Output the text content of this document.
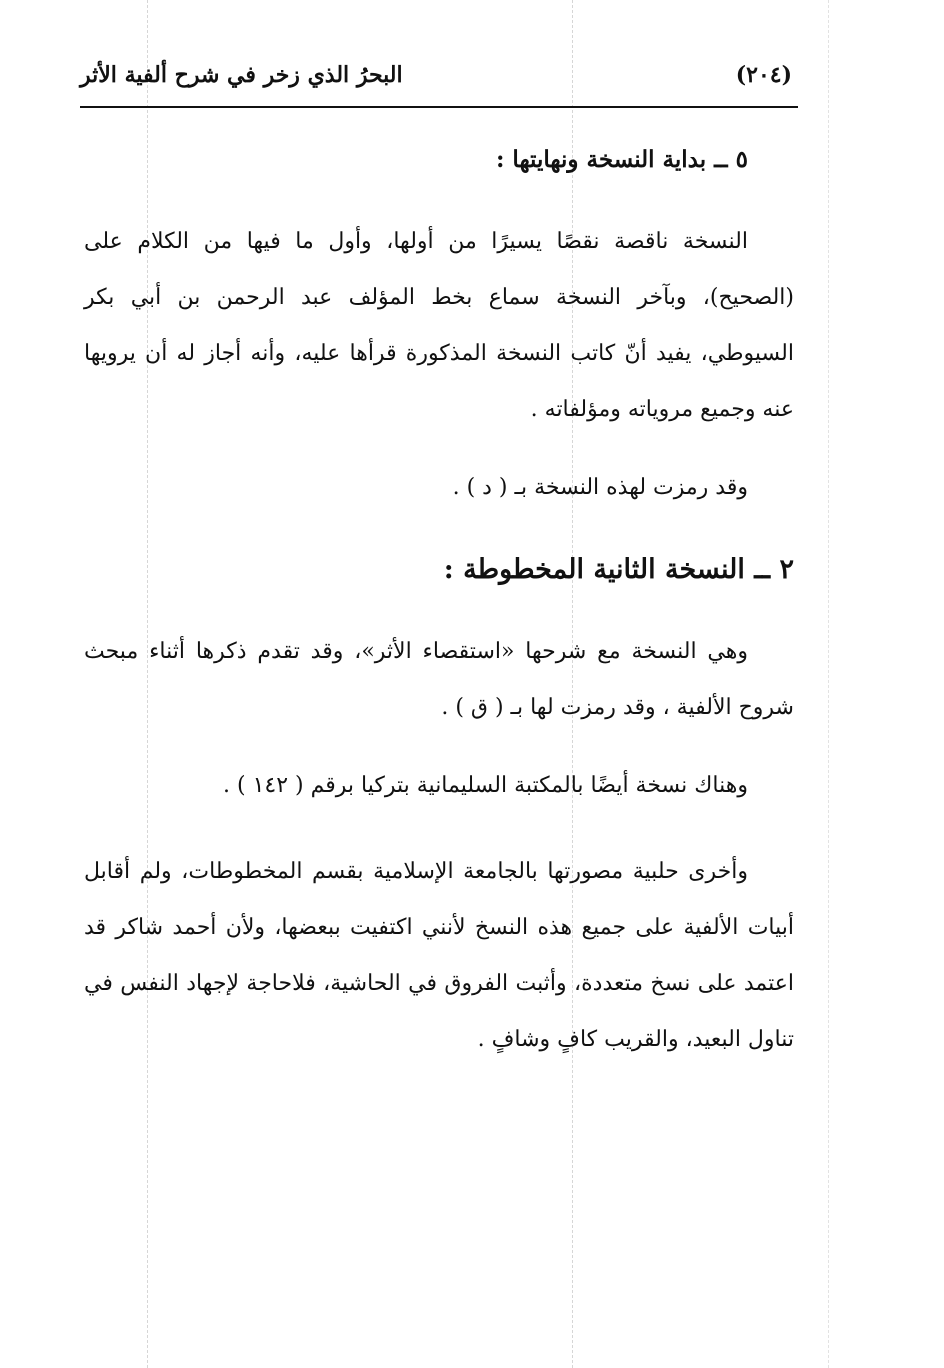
البحرُ الذي زخر في شرح ألفية الأثر	(٢٠٤)
٥ ــ بداية النسخة ونهايتها :

النسخة ناقصة نقصًا يسيرًا من أولها، وأول ما فيها من الكلام على (الصحيح)، وبآخر النسخة سماع بخط المؤلف عبد الرحمن بن أبي بكر السيوطي، يفيد أنّ كاتب النسخة المذكورة قرأها عليه، وأنه أجاز له أن يرويها عنه وجميع مروياته ومؤلفاته .

وقد رمزت لهذه النسخة بـ ( د ) .

٢ ــ النسخة الثانية المخطوطة :

وهي النسخة مع شرحها «استقصاء الأثر»، وقد تقدم ذكرها أثناء مبحث شروح الألفية ، وقد رمزت لها بـ ( ق ) .

وهناك نسخة أيضًا بالمكتبة السليمانية بتركيا برقم ( ١٤٢ ) .

وأخرى حلبية مصورتها بالجامعة الإسلامية بقسم المخطوطات، ولم أقابل أبيات الألفية على جميع هذه النسخ لأنني اكتفيت ببعضها، ولأن أحمد شاكر قد اعتمد على نسخ متعددة، وأثبت الفروق في الحاشية، فلاحاجة لإجهاد النفس في تناول البعيد، والقريب كافٍ وشافٍ .
